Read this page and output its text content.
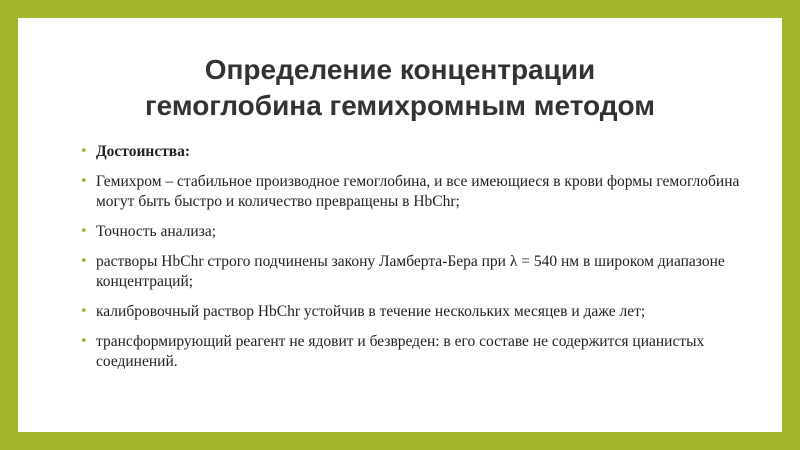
Определение концентрации
гемоглобина гемихромным методом
• Достоинства:
• Гемихром – стабильное производное гемоглобина, и все имеющиеся в крови формы гемоглобина могут быть быстро и количество превращены в HbChr;
• Точность анализа;
• растворы HbChr строго подчинены закону Ламберта-Бера при λ = 540 нм в широком диапазоне концентраций;
• калибровочный раствор HbChr устойчив в течение нескольких месяцев и даже лет;
• трансформирующий реагент не ядовит и безвреден: в его составе не содержится цианистых соединений.
